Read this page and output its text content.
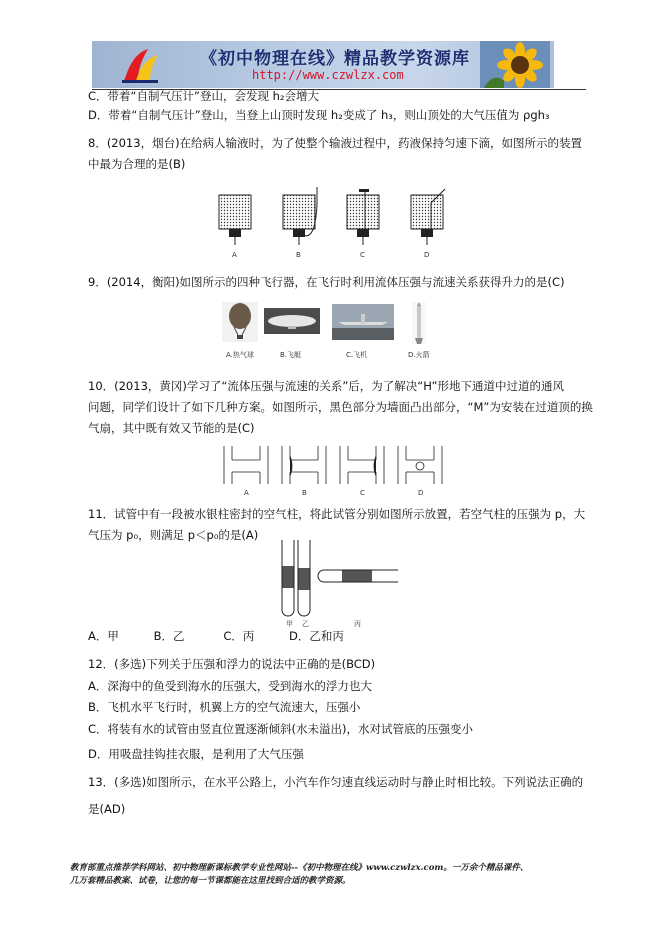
《初中物理在线》精品教学资源库
http://www.czwlzx.com
C．带着“自制气压计”登山，会发现 h₂会增大
D．带着“自制气压计”登山，当登上山顶时发现 h₂变成了 h₃，则山顶处的大气压值为 ρgh₃
8．(2013，烟台)在给病人输液时，为了使整个输液过程中，药液保持匀速下滴，如图所示的装置
中最为合理的是(B)
A	B	C	D
9．(2014，衡阳)如图所示的四种飞行器，在飞行时利用流体压强与流速关系获得升力的是(C)
A.热气球	B.飞艇	C.飞机	D.火箭
10．(2013，黄冈)学习了“流体压强与流速的关系”后，为了解决“H”形地下通道中过道的通风
问题，同学们设计了如下几种方案。如图所示，黑色部分为墙面凸出部分，“M”为安装在过道顶的换
气扇，其中既有效又节能的是(C)
A	B	C	D
11．试管中有一段被水银柱密封的空气柱，将此试管分别如图所示放置，若空气柱的压强为 p，大
气压为 p₀，则满足 p＜p₀的是(A)
甲 乙	丙
A．甲	B．乙	C．丙	D．乙和丙
12．(多选)下列关于压强和浮力的说法中正确的是(BCD)
A．深海中的鱼受到海水的压强大，受到海水的浮力也大
B．飞机水平飞行时，机翼上方的空气流速大，压强小
C．将装有水的试管由竖直位置逐渐倾斜(水未溢出)，水对试管底的压强变小
D．用吸盘挂钩挂衣服，是利用了大气压强
13．(多选)如图所示，在水平公路上，小汽车作匀速直线运动时与静止时相比较。下列说法正确的
是(AD)
教育部重点推荐学科网站、初中物理新课标教学专业性网站--《初中物理在线》www.czwlzx.com。一万余个精品课件、
几万套精品教案、试卷，让您的每一节课都能在这里找到合适的教学资源。
